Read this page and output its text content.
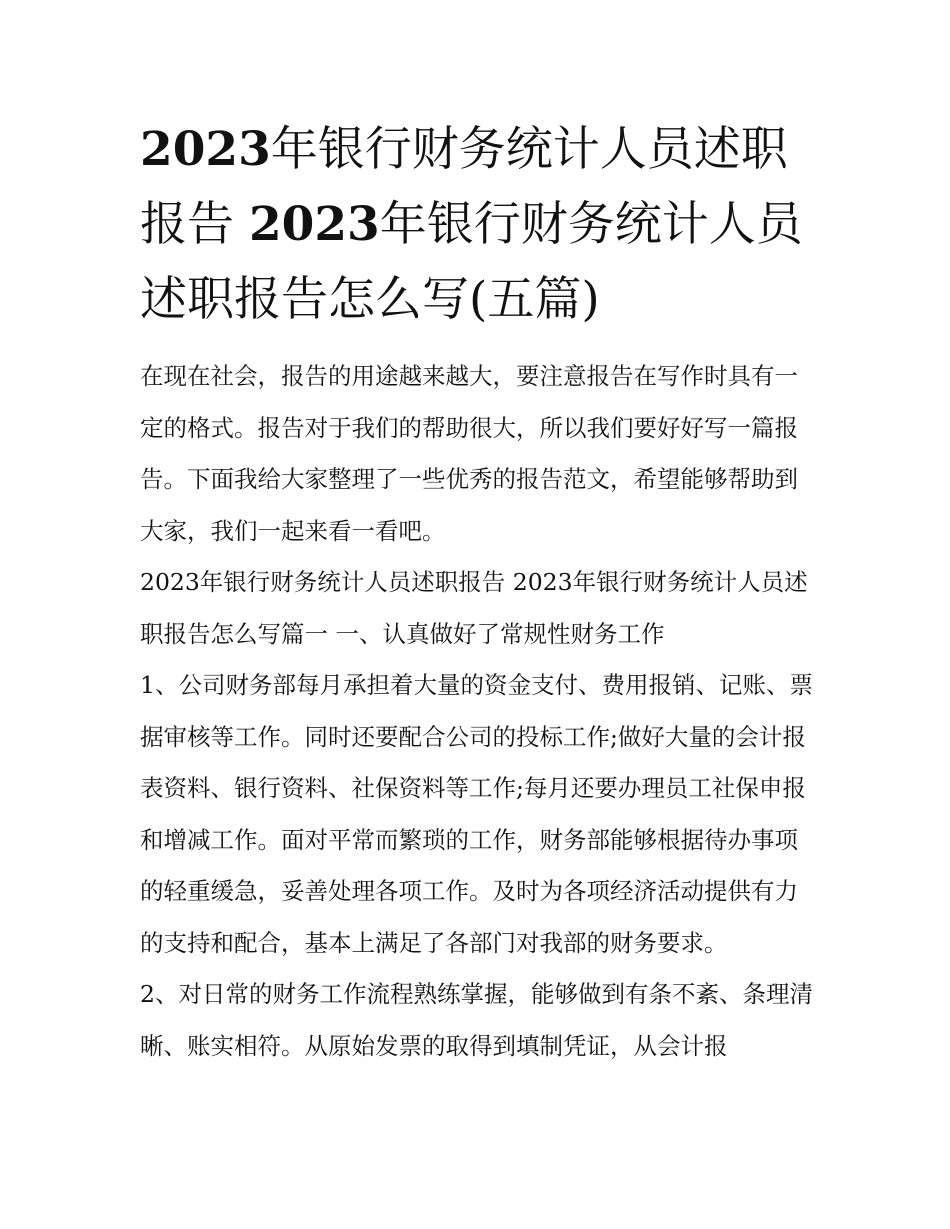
2023年银行财务统计人员述职报告 2023年银行财务统计人员述职报告怎么写(五篇)

在现在社会，报告的用途越来越大，要注意报告在写作时具有一定的格式。报告对于我们的帮助很大，所以我们要好好写一篇报告。下面我给大家整理了一些优秀的报告范文，希望能够帮助到大家，我们一起来看一看吧。

2023年银行财务统计人员述职报告 2023年银行财务统计人员述职报告怎么写篇一 一、认真做好了常规性财务工作

1、公司财务部每月承担着大量的资金支付、费用报销、记账、票据审核等工作。同时还要配合公司的投标工作;做好大量的会计报表资料、银行资料、社保资料等工作;每月还要办理员工社保申报和增减工作。面对平常而繁琐的工作，财务部能够根据待办事项的轻重缓急，妥善处理各项工作。及时为各项经济活动提供有力的支持和配合，基本上满足了各部门对我部的财务要求。

2、对日常的财务工作流程熟练掌握，能够做到有条不紊、条理清晰、账实相符。从原始发票的取得到填制凭证，从会计报
